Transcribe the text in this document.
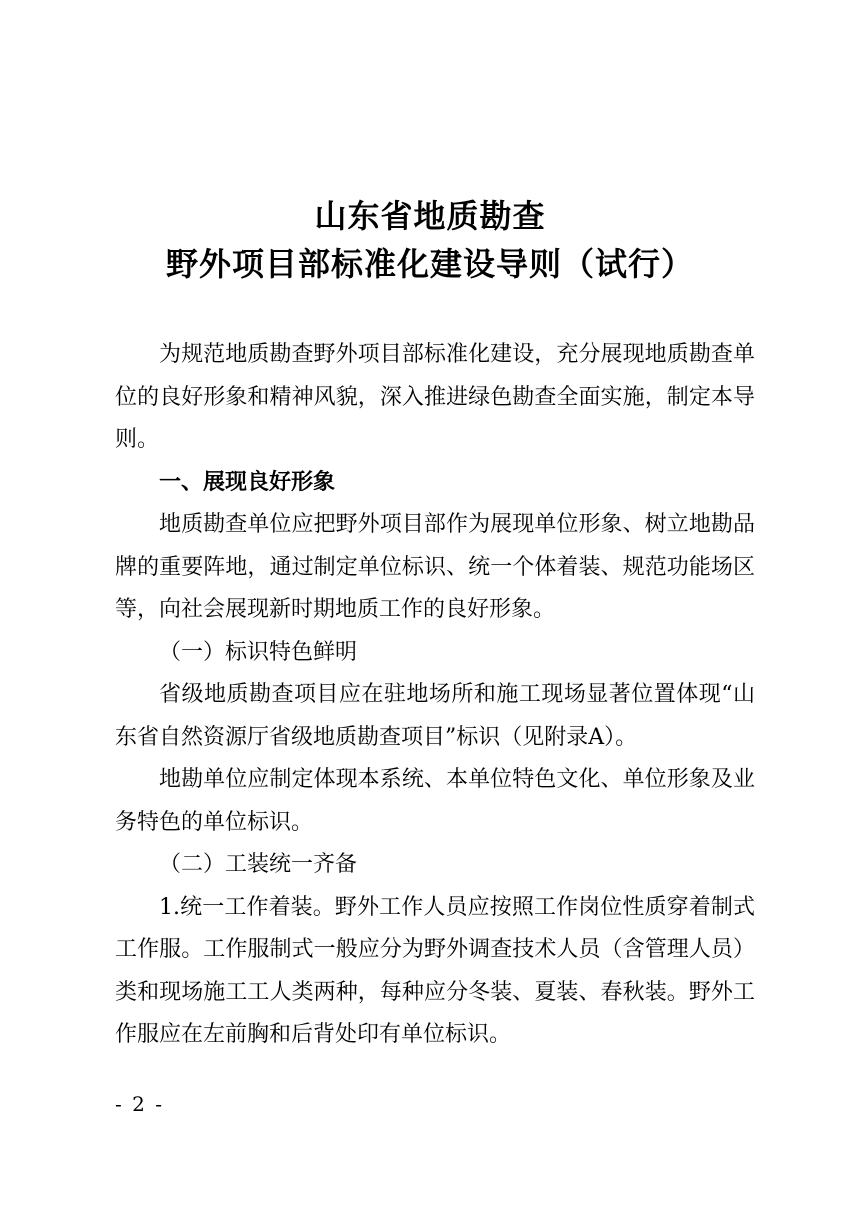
山东省地质勘查
野外项目部标准化建设导则（试行）

为规范地质勘查野外项目部标准化建设，充分展现地质勘查单位的良好形象和精神风貌，深入推进绿色勘查全面实施，制定本导则。

一、展现良好形象

地质勘查单位应把野外项目部作为展现单位形象、树立地勘品牌的重要阵地，通过制定单位标识、统一个体着装、规范功能场区等，向社会展现新时期地质工作的良好形象。

（一）标识特色鲜明

省级地质勘查项目应在驻地场所和施工现场显著位置体现“山东省自然资源厅省级地质勘查项目”标识（见附录A）。

地勘单位应制定体现本系统、本单位特色文化、单位形象及业务特色的单位标识。

（二）工装统一齐备

1.统一工作着装。野外工作人员应按照工作岗位性质穿着制式工作服。工作服制式一般应分为野外调查技术人员（含管理人员）类和现场施工工人类两种，每种应分冬装、夏装、春秋装。野外工作服应在左前胸和后背处印有单位标识。

- 2 -
